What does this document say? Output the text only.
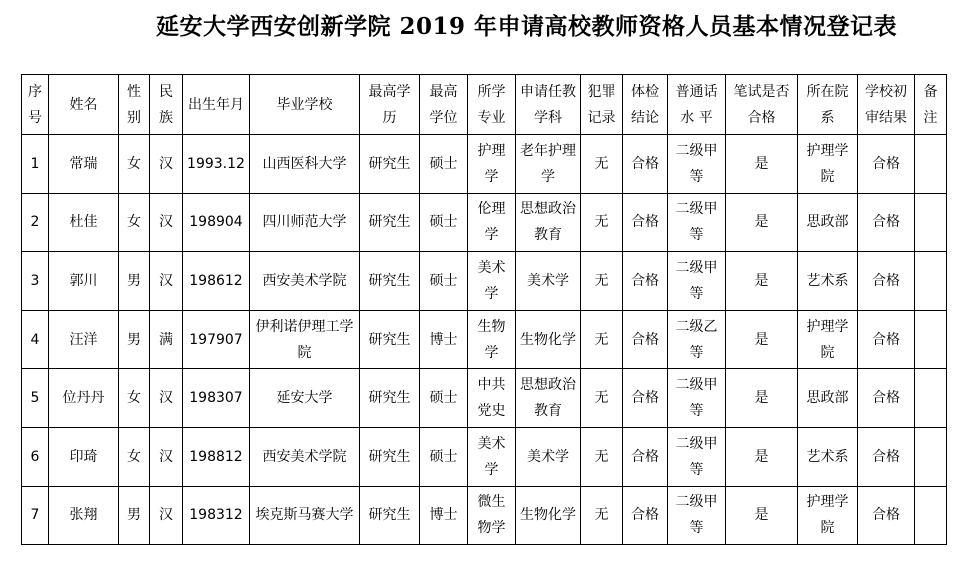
延安大学西安创新学院 2019 年申请高校教师资格人员基本情况登记表
序号	姓名	性别	民族	出生年月	毕业学校	最高学历	最高学位	所学专业	申请任教学科	犯罪记录	体检结论	普通话水 平	笔试是否合格	所在院系	学校初审结果	备注
1	常瑞	女	汉	1993.12	山西医科大学	研究生	硕士	护理学	老年护理学	无	合格	二级甲等	是	护理学院	合格	
2	杜佳	女	汉	198904	四川师范大学	研究生	硕士	伦理学	思想政治教育	无	合格	二级甲等	是	思政部	合格	
3	郭川	男	汉	198612	西安美术学院	研究生	硕士	美术学	美术学	无	合格	二级甲等	是	艺术系	合格	
4	汪洋	男	满	197907	伊利诺伊理工学院	研究生	博士	生物学	生物化学	无	合格	二级乙等	是	护理学院	合格	
5	位丹丹	女	汉	198307	延安大学	研究生	硕士	中共党史	思想政治教育	无	合格	二级甲等	是	思政部	合格	
6	印琦	女	汉	198812	西安美术学院	研究生	硕士	美术学	美术学	无	合格	二级甲等	是	艺术系	合格	
7	张翔	男	汉	198312	埃克斯马赛大学	研究生	博士	微生物学	生物化学	无	合格	二级甲等	是	护理学院	合格	
